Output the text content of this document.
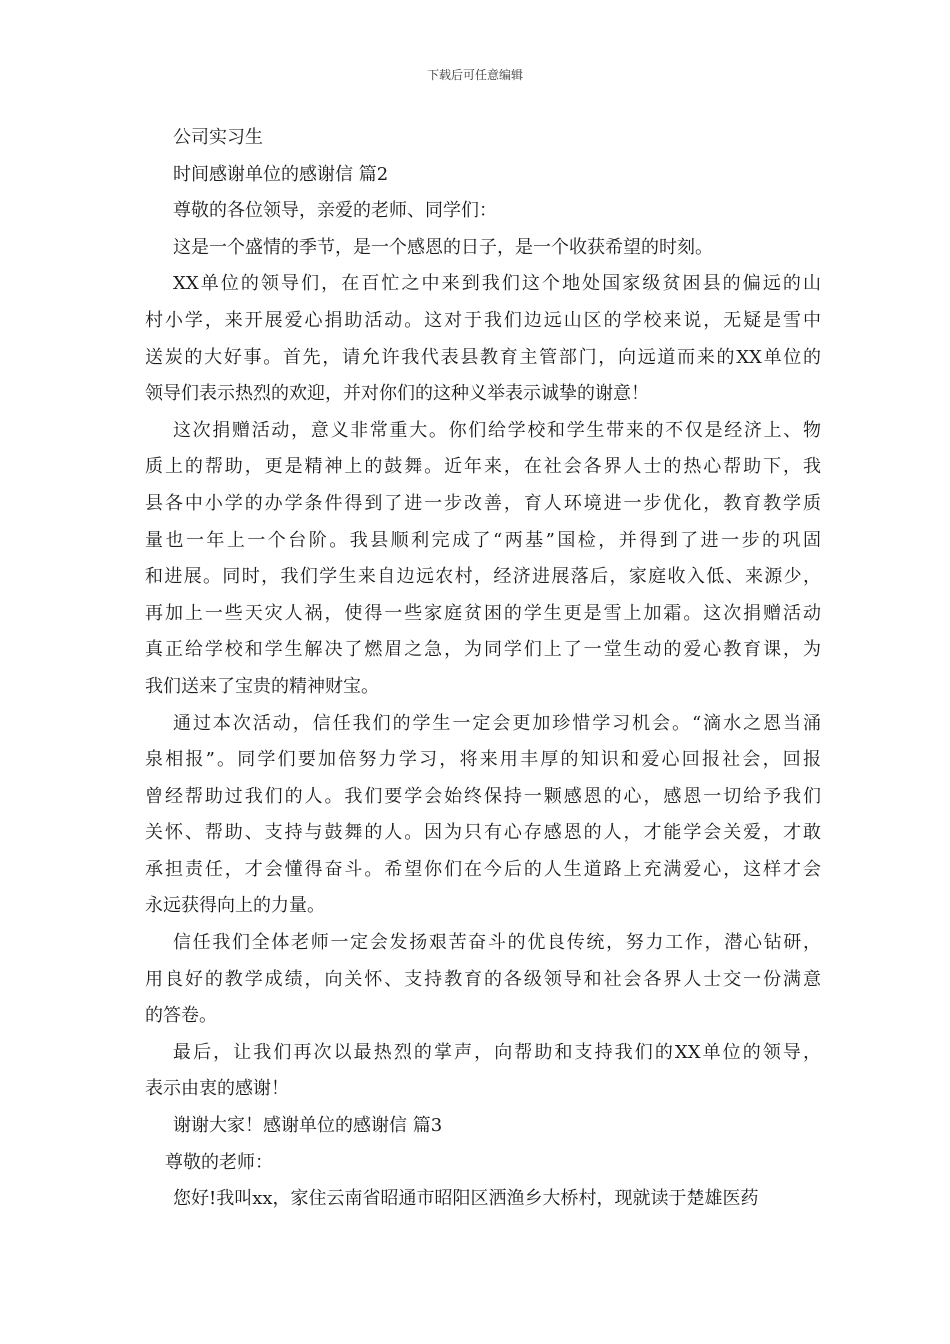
下载后可任意编辑
公司实习生
时间感谢单位的感谢信 篇2
尊敬的各位领导，亲爱的老师、同学们：
这是一个盛情的季节，是一个感恩的日子，是一个收获希望的时刻。
XX单位的领导们，在百忙之中来到我们这个地处国家级贫困县的偏远的山
村小学，来开展爱心捐助活动。这对于我们边远山区的学校来说，无疑是雪中
送炭的大好事。首先，请允许我代表县教育主管部门，向远道而来的XX单位的
领导们表示热烈的欢迎，并对你们的这种义举表示诚挚的谢意！
这次捐赠活动，意义非常重大。你们给学校和学生带来的不仅是经济上、物
质上的帮助，更是精神上的鼓舞。近年来，在社会各界人士的热心帮助下，我
县各中小学的办学条件得到了进一步改善，育人环境进一步优化，教育教学质
量也一年上一个台阶。我县顺利完成了“两基”国检，并得到了进一步的巩固
和进展。同时，我们学生来自边远农村，经济进展落后，家庭收入低、来源少，
再加上一些天灾人祸，使得一些家庭贫困的学生更是雪上加霜。这次捐赠活动
真正给学校和学生解决了燃眉之急，为同学们上了一堂生动的爱心教育课，为
我们送来了宝贵的精神财宝。
通过本次活动，信任我们的学生一定会更加珍惜学习机会。“滴水之恩当涌
泉相报”。同学们要加倍努力学习，将来用丰厚的知识和爱心回报社会，回报
曾经帮助过我们的人。我们要学会始终保持一颗感恩的心，感恩一切给予我们
关怀、帮助、支持与鼓舞的人。因为只有心存感恩的人，才能学会关爱，才敢
承担责任，才会懂得奋斗。希望你们在今后的人生道路上充满爱心，这样才会
永远获得向上的力量。
信任我们全体老师一定会发扬艰苦奋斗的优良传统，努力工作，潜心钻研，
用良好的教学成绩，向关怀、支持教育的各级领导和社会各界人士交一份满意
的答卷。
最后，让我们再次以最热烈的掌声，向帮助和支持我们的XX单位的领导，
表示由衷的感谢！
谢谢大家！感谢单位的感谢信 篇3
尊敬的老师：
您好!我叫xx，家住云南省昭通市昭阳区洒渔乡大桥村，现就读于楚雄医药
